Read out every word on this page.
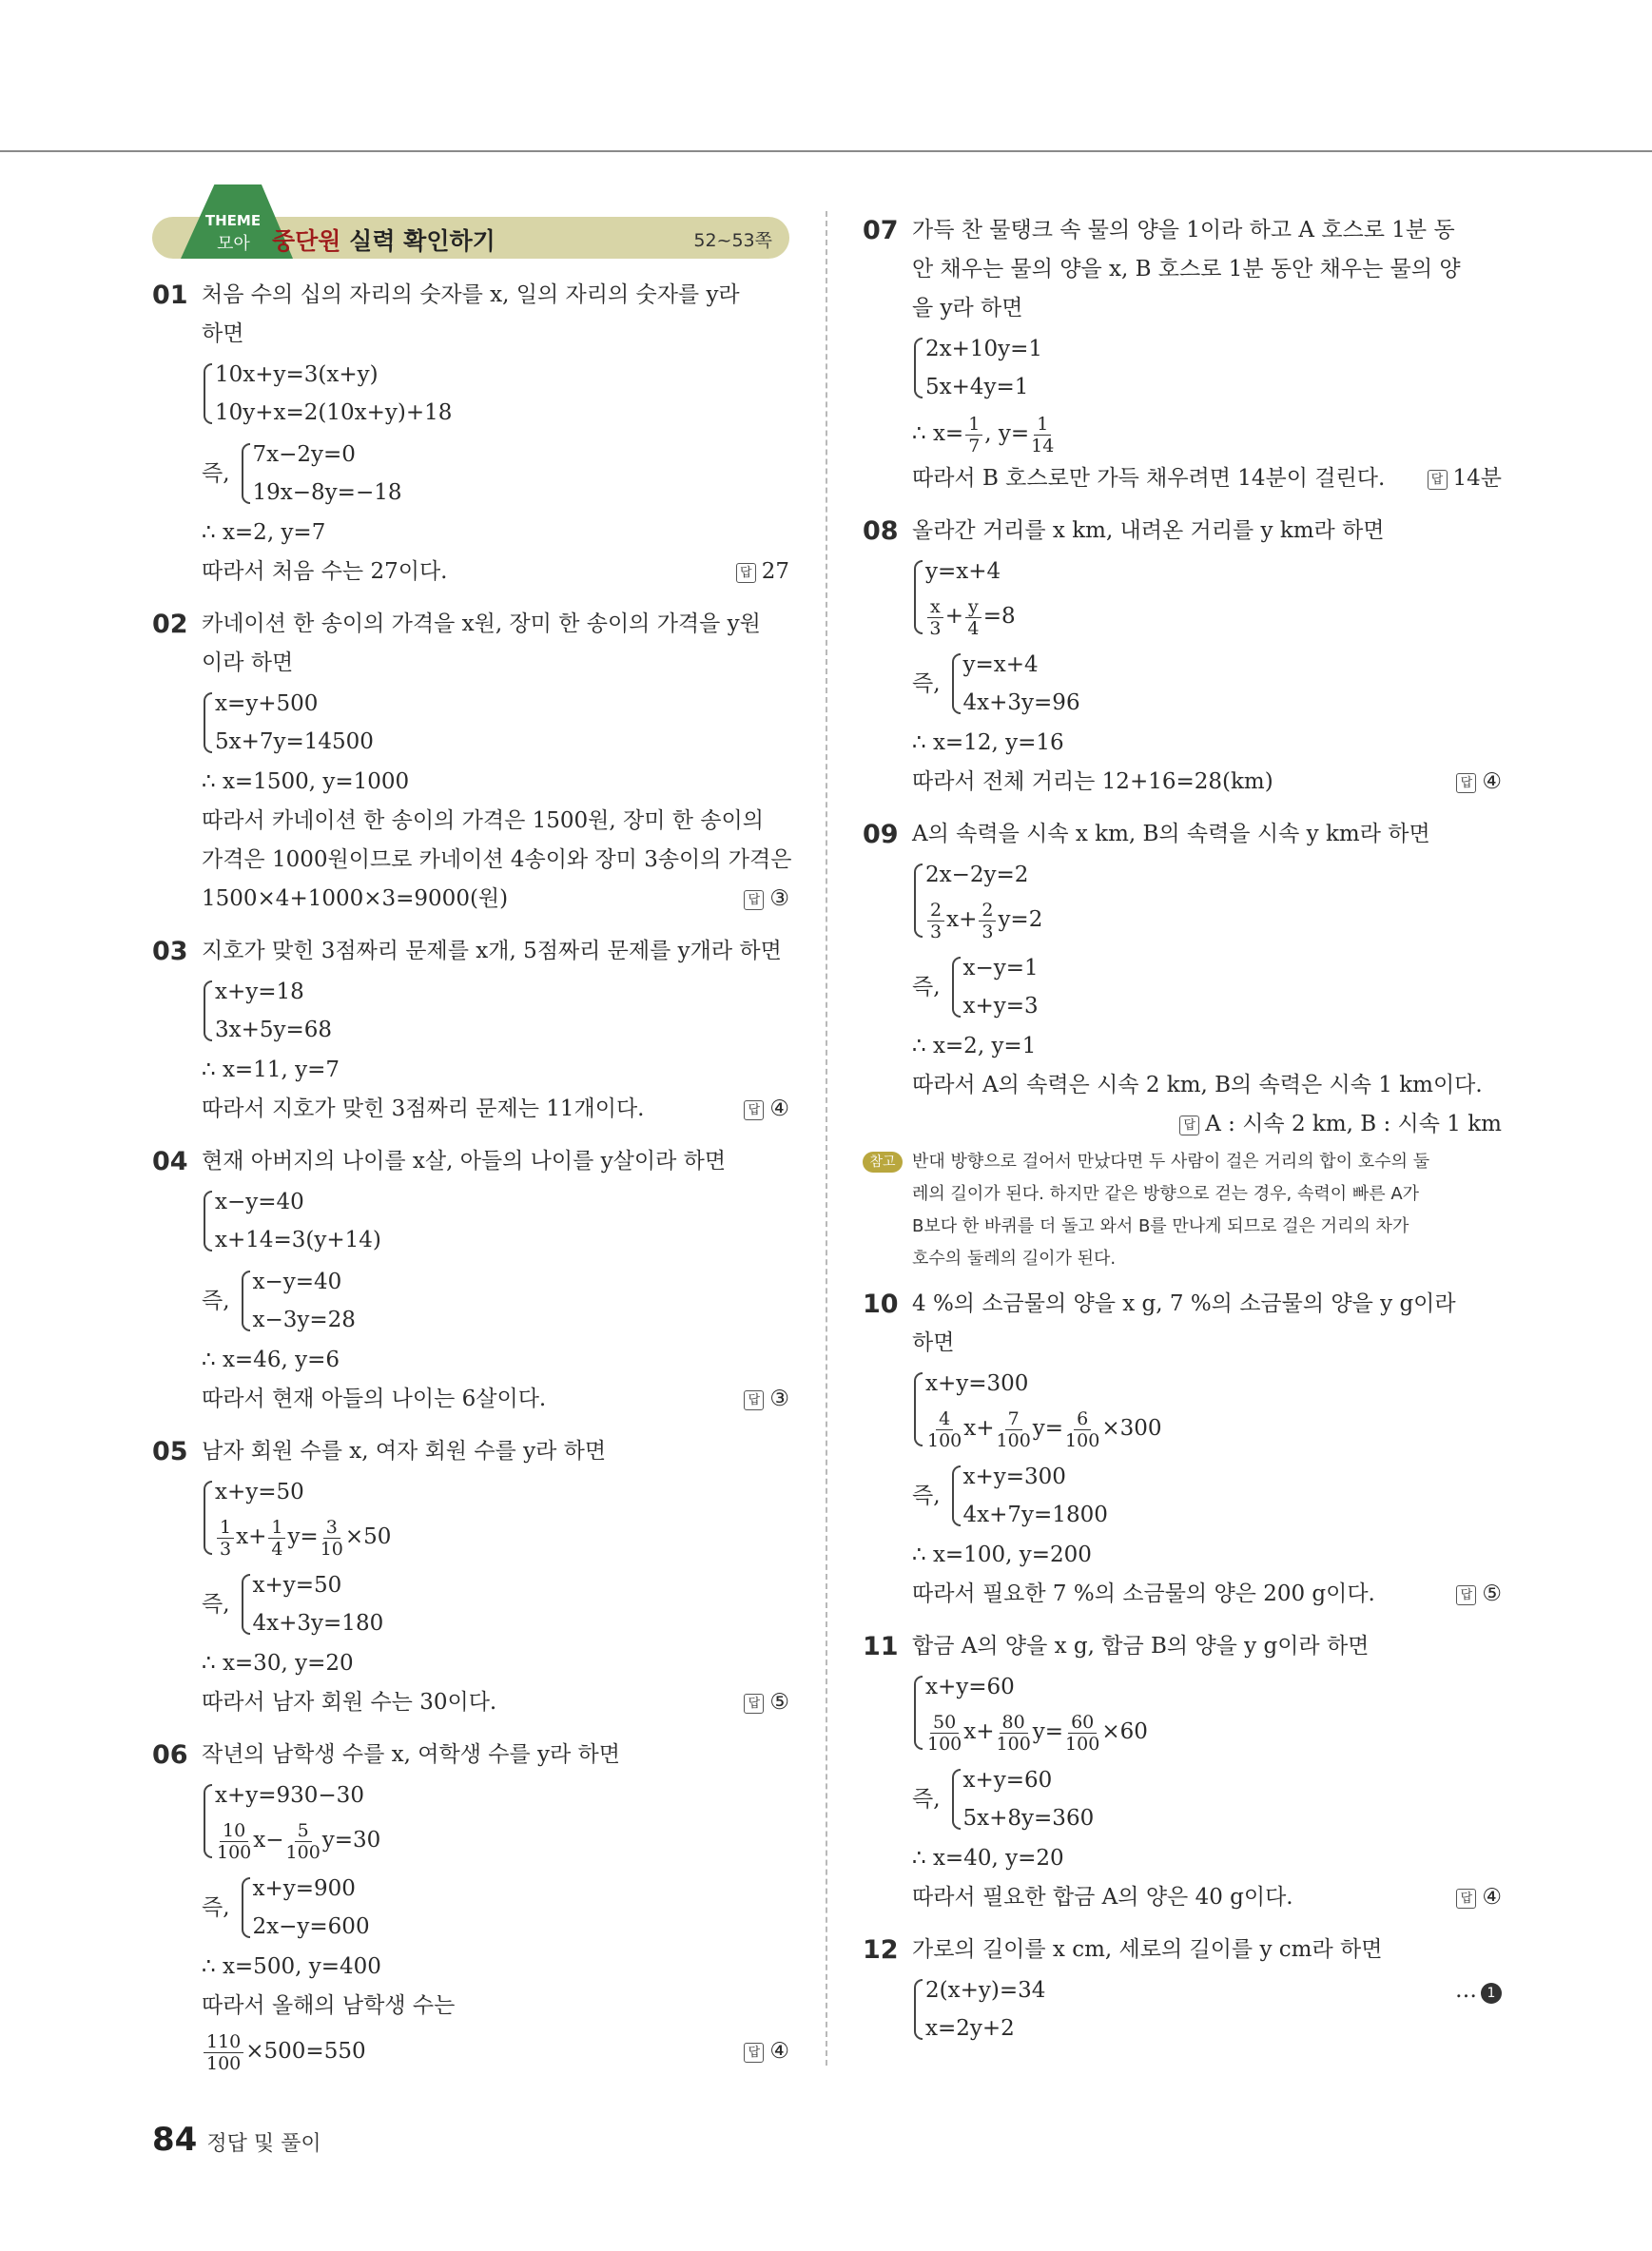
THEME
모아 중단원 실력 확인하기	52~53쪽
01 처음 수의 십의 자리의 숫자를 x, 일의 자리의 숫자를 y라
하면
10x+y=3(x+y)
10y+x=2(10x+y)+18
즉,
7x−2y=0
19x−8y=−18
∴ x=2, y=7
따라서 처음 수는 27이다.	답 27
02 카네이션 한 송이의 가격을 x원, 장미 한 송이의 가격을 y원
이라 하면
x=y+500
5x+7y=14500
∴ x=1500, y=1000
따라서 카네이션 한 송이의 가격은 1500원, 장미 한 송이의
가격은 1000원이므로 카네이션 4송이와 장미 3송이의 가격은
1500×4+1000×3=9000(원)	답 ③
03 지호가 맞힌 3점짜리 문제를 x개, 5점짜리 문제를 y개라 하면
x+y=18
3x+5y=68
∴ x=11, y=7
따라서 지호가 맞힌 3점짜리 문제는 11개이다.	답 ④
04 현재 아버지의 나이를 x살, 아들의 나이를 y살이라 하면
x−y=40
x+14=3(y+14)
즉,
x−y=40
x−3y=28
∴ x=46, y=6
따라서 현재 아들의 나이는 6살이다.	답 ③
05 남자 회원 수를 x, 여자 회원 수를 y라 하면
x+y=50
$\frac{1}{3} x+ \frac{1}{4} y= \frac{3}{10} \times 50$
즉,
x+y=50
4x+3y=180
∴ x=30, y=20
따라서 남자 회원 수는 30이다.	답 ⑤
06 작년의 남학생 수를 x, 여학생 수를 y라 하면
x+y=930−30
$\frac{10}{100} x- \frac{5}{100} y=30$
즉,
x+y=900
2x−y=600
∴ x=500, y=400
따라서 올해의 남학생 수는
$\frac{110}{100} \times 500=550$	답 ④
07 가득 찬 물탱크 속 물의 양을 1이라 하고 A 호스로 1분 동
안 채우는 물의 양을 x, B 호스로 1분 동안 채우는 물의 양
을 y라 하면
2x+10y=1
5x+4y=1
∴ $x= \frac{1}{7}$ , $y= \frac{1}{14}$
따라서 B 호스로만 가득 채우려면 14분이 걸린다.	답 14분
08 올라간 거리를 x km, 내려온 거리를 y km라 하면
y=x+4
$\frac{x}{3} + \frac{y}{4} =8$
즉,
y=x+4
4x+3y=96
∴ x=12, y=16
따라서 전체 거리는 12+16=28(km)	답 ④
09 A의 속력을 시속 x km, B의 속력을 시속 y km라 하면
2x−2y=2
$\frac{2}{3} x+ \frac{2}{3} y=2$
즉,
x−y=1
x+y=3
∴ x=2, y=1
따라서 A의 속력은 시속 2 km, B의 속력은 시속 1 km이다.
답 A : 시속 2 km, B : 시속 1 km
참고 반대 방향으로 걸어서 만났다면 두 사람이 걸은 거리의 합이 호수의 둘
레의 길이가 된다. 하지만 같은 방향으로 걷는 경우, 속력이 빠른 A가
B보다 한 바퀴를 더 돌고 와서 B를 만나게 되므로 걸은 거리의 차가
호수의 둘레의 길이가 된다.
10 4 %의 소금물의 양을 x g, 7 %의 소금물의 양을 y g이라
하면
x+y=300
$\frac{4}{100} x+ \frac{7}{100} y= \frac{6}{100} \times 300$
즉,
x+y=300
4x+7y=1800
∴ x=100, y=200
따라서 필요한 7 %의 소금물의 양은 200 g이다.	답 ⑤
11 합금 A의 양을 x g, 합금 B의 양을 y g이라 하면
x+y=60
$\frac{50}{100} x+ \frac{80}{100} y= \frac{60}{100} \times 60$
즉,
x+y=60
5x+8y=360
∴ x=40, y=20
따라서 필요한 합금 A의 양은 40 g이다.	답 ④
12 가로의 길이를 x cm, 세로의 길이를 y cm라 하면
2(x+y)=34	… 1
x=2y+2
84 정답 및 풀이
